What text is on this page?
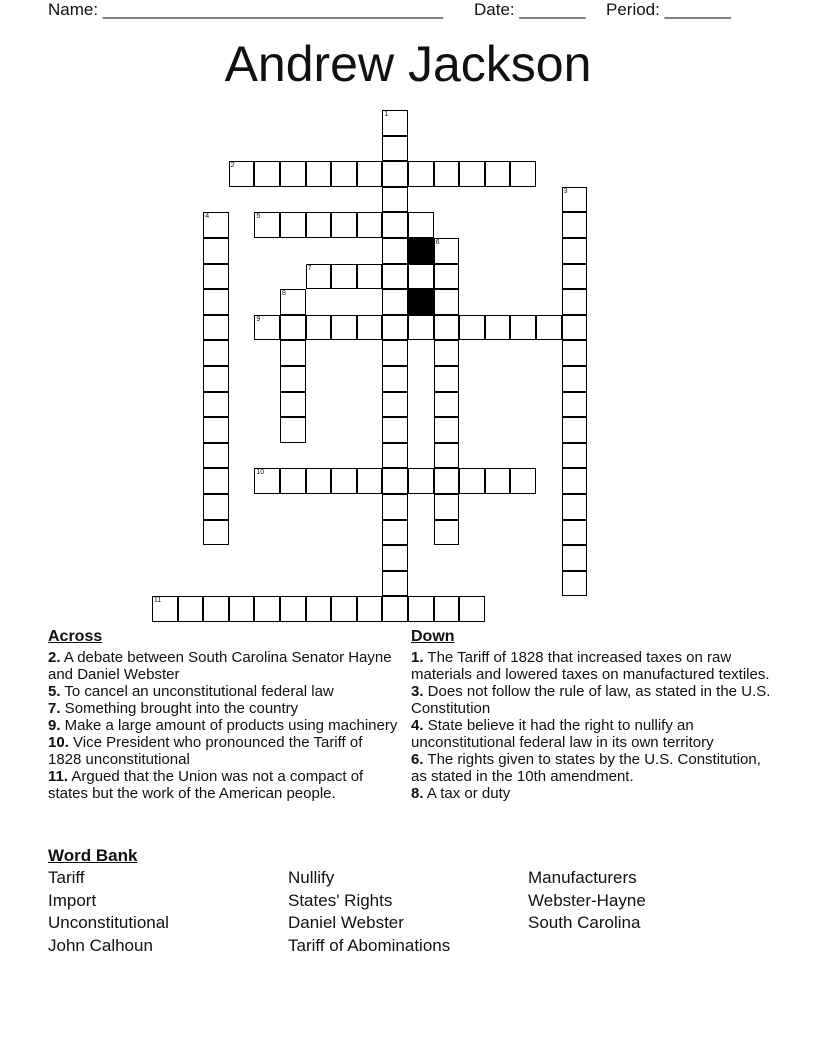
Name: ____________________________________ Date: _______ Period: _______
Andrew Jackson
1
2
3
4	5
6
7
8
9
10
11
Across

2. A debate between South Carolina Senator Hayne and Daniel Webster

5. To cancel an unconstitutional federal law

7. Something brought into the country

9. Make a large amount of products using machinery

10. Vice President who pronounced the Tariff of 1828 unconstitutional

11. Argued that the Union was not a compact of states but the work of the American people.

Down

1. The Tariff of 1828 that increased taxes on raw materials and lowered taxes on manufactured textiles.

3. Does not follow the rule of law, as stated in the U.S. Constitution

4. State believe it had the right to nullify an unconstitutional federal law in its own territory

6. The rights given to states by the U.S. Constitution, as stated in the 10th amendment.

8. A tax or duty

Word Bank
Tariff
Import
Unconstitutional
John Calhoun
Nullify
States' Rights
Daniel Webster
Tariff of Abominations
Manufacturers
Webster-Hayne
South Carolina
